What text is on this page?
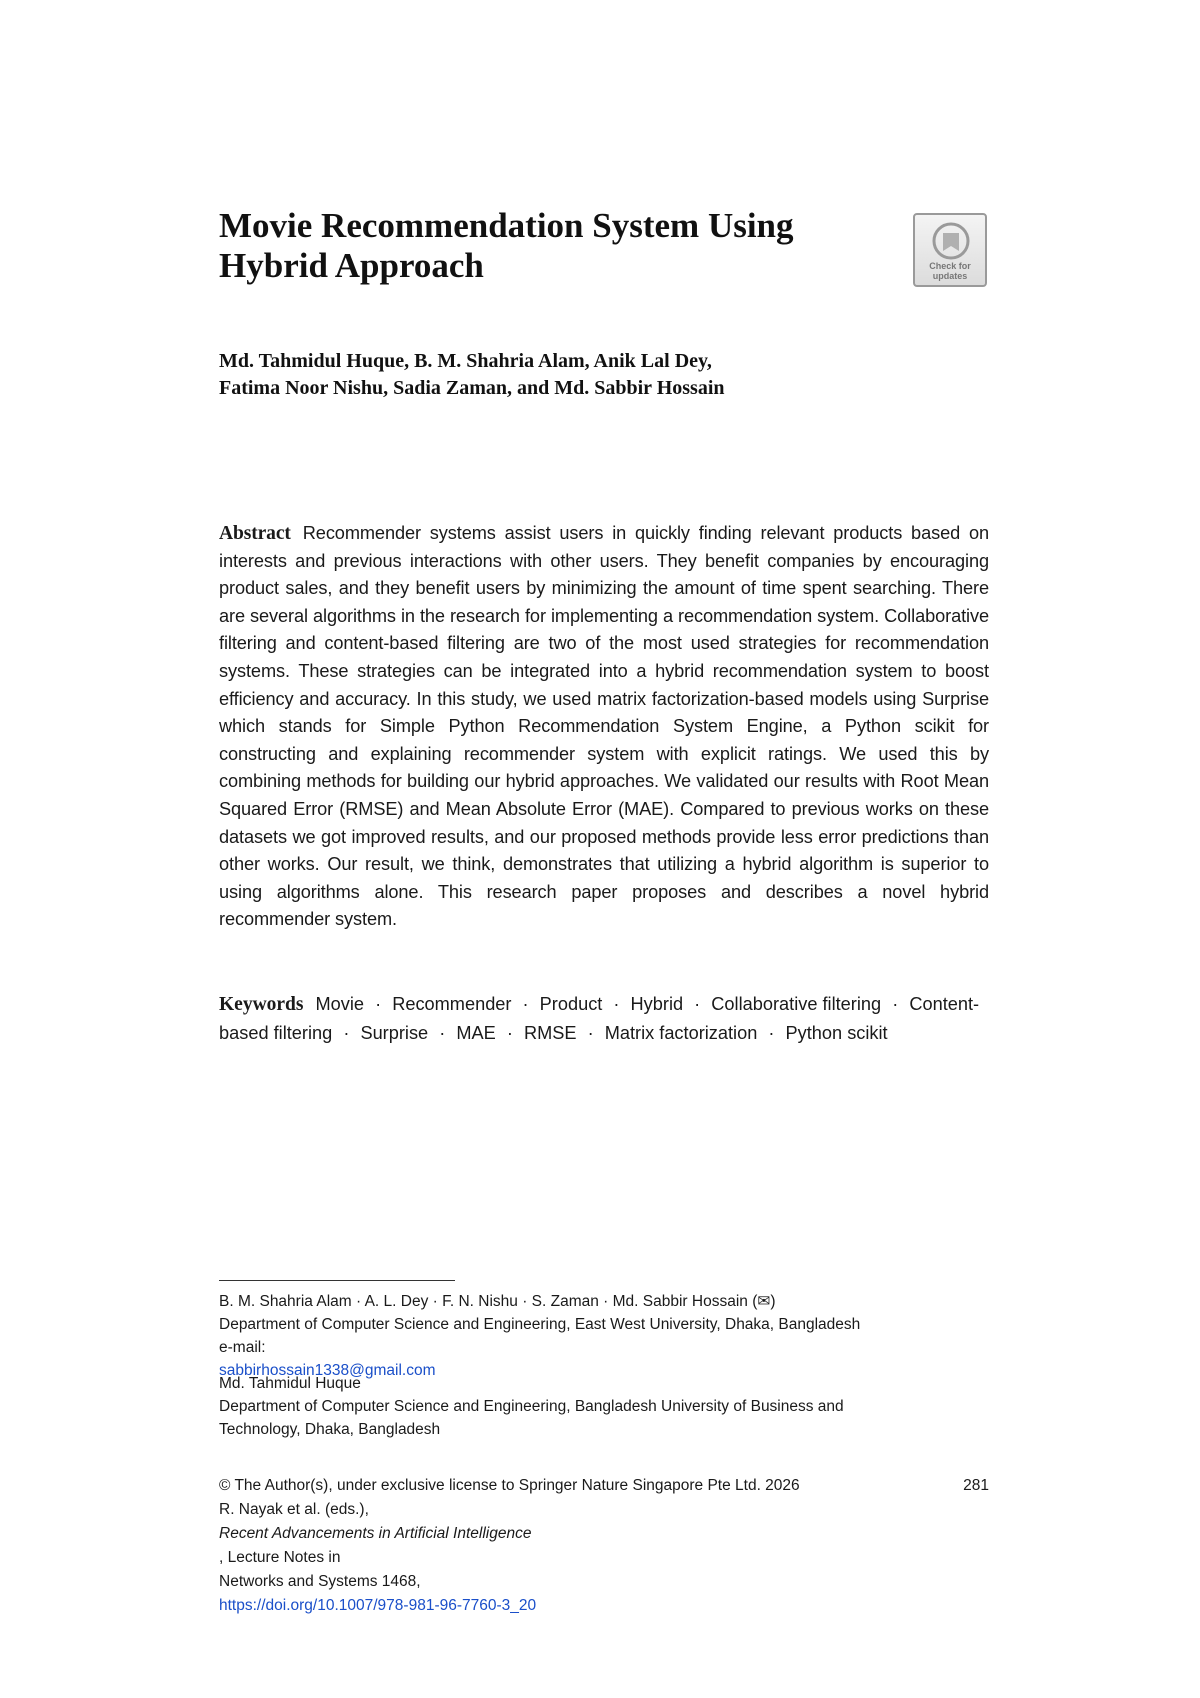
Movie Recommendation System Using
Hybrid Approach	Check for
updates

Md. Tahmidul Huque, B. M. Shahria Alam, Anik Lal Dey,
Fatima Noor Nishu, Sadia Zaman, and Md. Sabbir Hossain

Abstract Recommender systems assist users in quickly finding relevant products based on interests and previous interactions with other users. They benefit companies by encouraging product sales, and they benefit users by minimizing the amount of time spent searching. There are several algorithms in the research for implementing a recommendation system. Collaborative filtering and content-based filtering are two of the most used strategies for recommendation systems. These strategies can be integrated into a hybrid recommendation system to boost efficiency and accuracy. In this study, we used matrix factorization-based models using Surprise which stands for Simple Python Recommendation System Engine, a Python scikit for constructing and explaining recommender system with explicit ratings. We used this by combining methods for building our hybrid approaches. We validated our results with Root Mean Squared Error (RMSE) and Mean Absolute Error (MAE). Compared to previous works on these datasets we got improved results, and our proposed methods provide less error predictions than other works. Our result, we think, demonstrates that utilizing a hybrid algorithm is superior to using algorithms alone. This research paper proposes and describes a novel hybrid recommender system.

Keywords Movie · Recommender · Product · Hybrid · Collaborative filtering · Content-based filtering · Surprise · MAE · RMSE · Matrix factorization · Python scikit

B. M. Shahria Alam · A. L. Dey · F. N. Nishu · S. Zaman · Md. Sabbir Hossain (✉)
Department of Computer Science and Engineering, East West University, Dhaka, Bangladesh
e-mail:
sabbirhossain1338@gmail.com
Md. Tahmidul Huque
Department of Computer Science and Engineering, Bangladesh University of Business and
Technology, Dhaka, Bangladesh
© The Author(s), under exclusive license to Springer Nature Singapore Pte Ltd. 2026	281
R. Nayak et al. (eds.),
Recent Advancements in Artificial Intelligence
, Lecture Notes in
Networks and Systems 1468,
https://doi.org/10.1007/978-981-96-7760-3_20
